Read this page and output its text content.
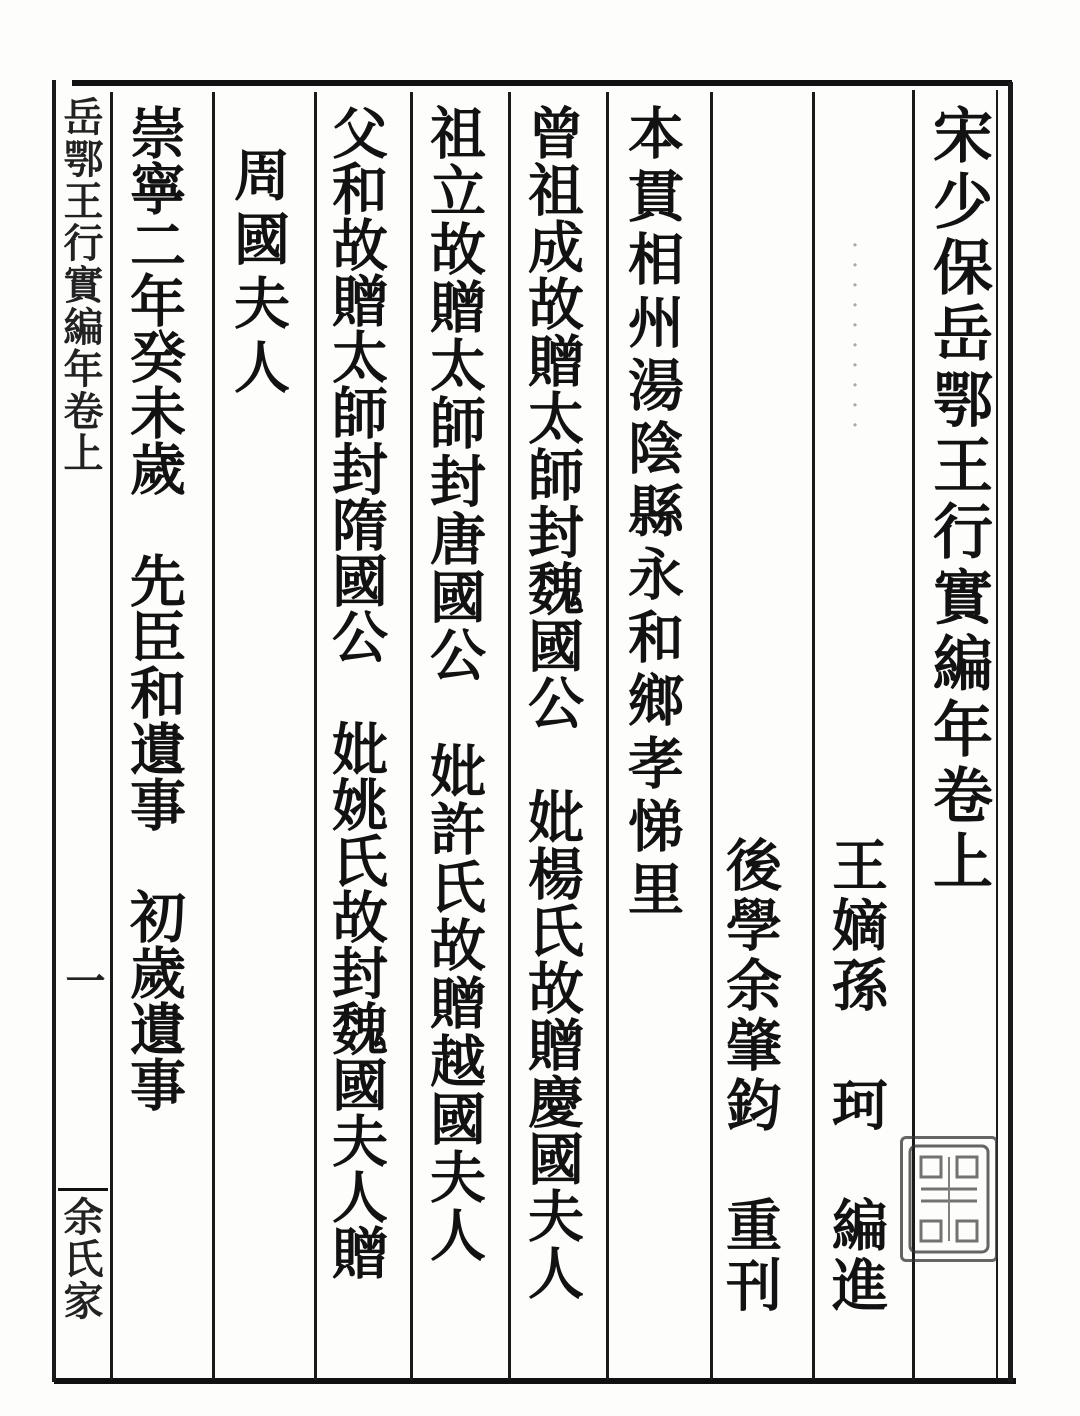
宋少保岳鄂王行實編年卷上
王嫡孫　珂　編進
後學余肇鈞　重刊
本貫相州湯陰縣永和鄉孝悌里
曾祖成故贈太師封魏國公　妣楊氏故贈慶國夫人
祖立故贈太師封唐國公　妣許氏故贈越國夫人
父和故贈太師封隋國公　妣姚氏故封魏國夫人贈
周國夫人
崇寧二年癸未歲　先臣和遺事　初歲遺事
岳鄂王行實編年卷上
一
余氏家
・・・・・・・・・・
